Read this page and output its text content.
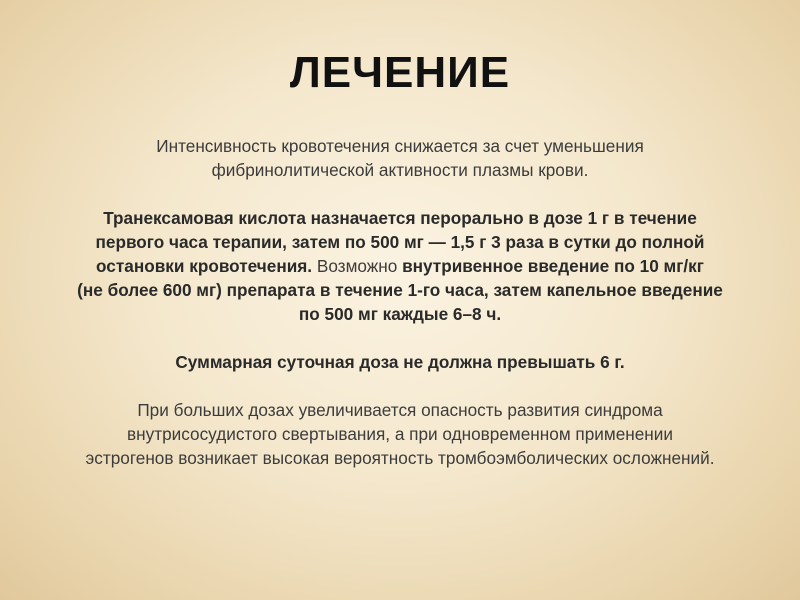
ЛЕЧЕНИЕ
Интенсивность кровотечения снижается за счет уменьшения
фибринолитической активности плазмы крови.
Транексамовая кислота назначается перорально в дозе 1 г в течение
первого часа терапии, затем по 500 мг — 1,5 г 3 раза в сутки до полной
остановки кровотечения. Возможно внутривенное введение по 10 мг/кг
(не более 600 мг) препарата в течение 1-го часа, затем капельное введение
по 500 мг каждые 6–8 ч.
Суммарная суточная доза не должна превышать 6 г.
При больших дозах увеличивается опасность развития синдрома
внутрисосудистого свертывания, а при одновременном применении
эстрогенов возникает высокая вероятность тромбоэмболических осложнений.
